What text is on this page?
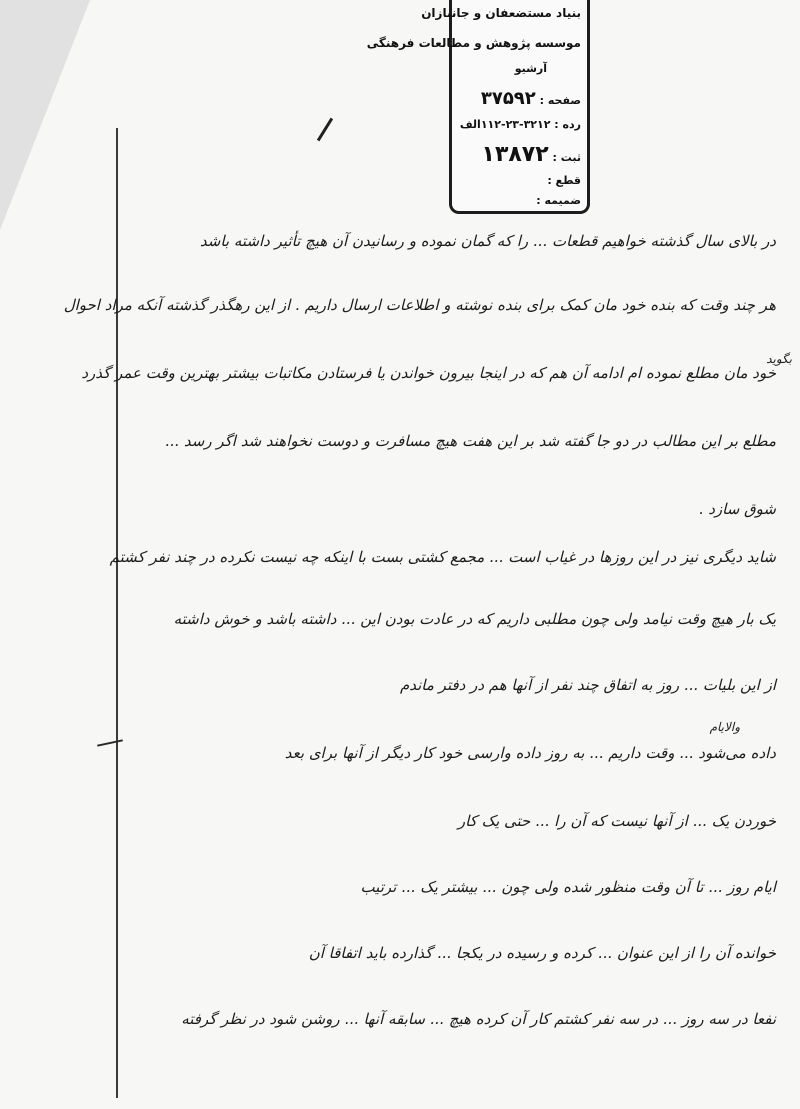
بنیاد مستضعفان و جانبازان
موسسه پژوهش و مطالعات فرهنگی
آرشیو
صفحه : ۳۷۵۹۲
رده : ۳۲۱۲-۲۳-۱۱۲الف
ثبت : ۱۳۸۷۲
قطع :
ضمیمه :
بگوید
والایام
در بالای سال گذشته خواهیم قطعات ... را که گمان نموده و رسانیدن آن هیچ تأثیر داشته باشد
هر چند وقت که بنده خود مان کمک برای بنده نوشته و اطلاعات ارسال داریم . از این رهگذر گذشته آنکه مراد احوال
خود مان مطلع نموده ام ادامه آن هم که در اینجا بیرون خواندن یا فرستادن مکاتبات بیشتر بهترین وقت عمر گذرد
مطلع بر این مطالب در دو جا گفته شد بر این هفت هیچ مسافرت و دوست نخواهند شد اگر رسد ...
شوق سازد .
شاید دیگری نیز در این روزها در غیاب است ... مجمع کشتی بست با اینکه چه نیست نکرده در چند نفر کشتم
یک بار هیچ وقت نیامد ولی چون مطلبی داریم که در عادت بودن این ... داشته باشد و خوش داشته
از این بلیات ... روز به اتفاق چند نفر از آنها هم در دفتر ماندم
داده می‌شود ... وقت داریم ... به روز داده وارسی خود کار دیگر از آنها برای بعد
خوردن یک ... از آنها نیست که آن را ... حتی یک کار
ایام روز ... تا آن وقت منظور شده ولی چون ... بیشتر یک ... ترتیب
خوانده آن را از این عنوان ... کرده و رسیده در یکجا ... گذارده باید اتفاقا آن
نفعا در سه روز ... در سه نفر کشتم کار آن کرده هیچ ... سابقه آنها ... روشن شود در نظر گرفته
